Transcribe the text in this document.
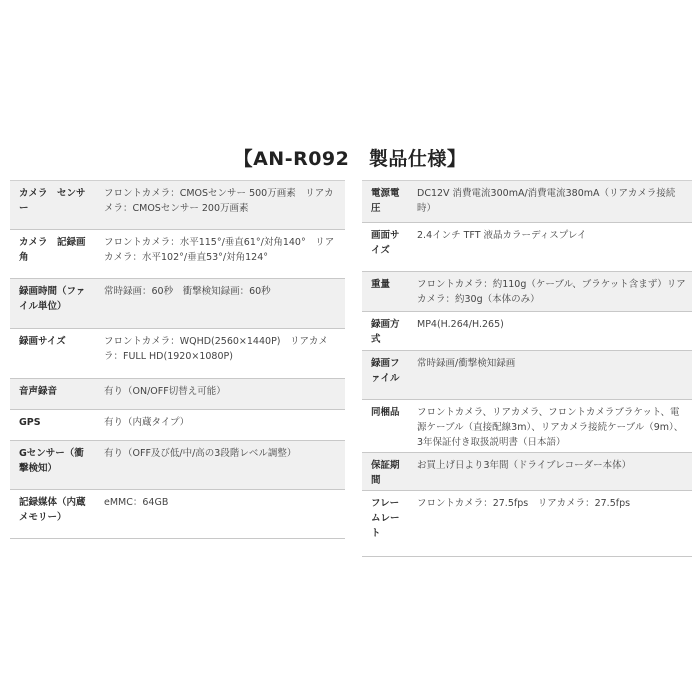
【AN-R092　製品仕様】
カメラ　センサー	フロントカメラ：CMOSセンサー 500万画素　リアカメラ：CMOSセンサー 200万画素
カメラ　記録画角	フロントカメラ：水平115°/垂直61°/対角140°　リアカメラ：水平102°/垂直53°/対角124°
録画時間（ファイル単位）	常時録画：60秒　衝撃検知録画：60秒
録画サイズ	フロントカメラ：WQHD(2560×1440P)　リアカメラ：FULL HD(1920×1080P)
音声録音	有り（ON/OFF切替え可能）
GPS	有り（内蔵タイプ）
Gセンサー（衝撃検知）	有り（OFF及び低/中/高の3段階レベル調整）
記録媒体（内蔵メモリー）	eMMC：64GB
電源電圧	DC12V 消費電流300mA/消費電流380mA（リアカメラ接続時）
画面サイズ	2.4インチ TFT 液晶カラーディスプレイ
重量	フロントカメラ：約110g（ケーブル、ブラケット含まず）リアカメラ：約30g（本体のみ）
録画方式	MP4(H.264/H.265)
録画ファイル	常時録画/衝撃検知録画
同梱品	フロントカメラ、リアカメラ、フロントカメラブラケット、電源ケーブル（直接配線3m）、リアカメラ接続ケーブル（9m）、3年保証付き取扱説明書（日本語）
保証期間	お買上げ日より3年間（ドライブレコーダー本体）
フレームレート	フロントカメラ：27.5fps　リアカメラ：27.5fps
